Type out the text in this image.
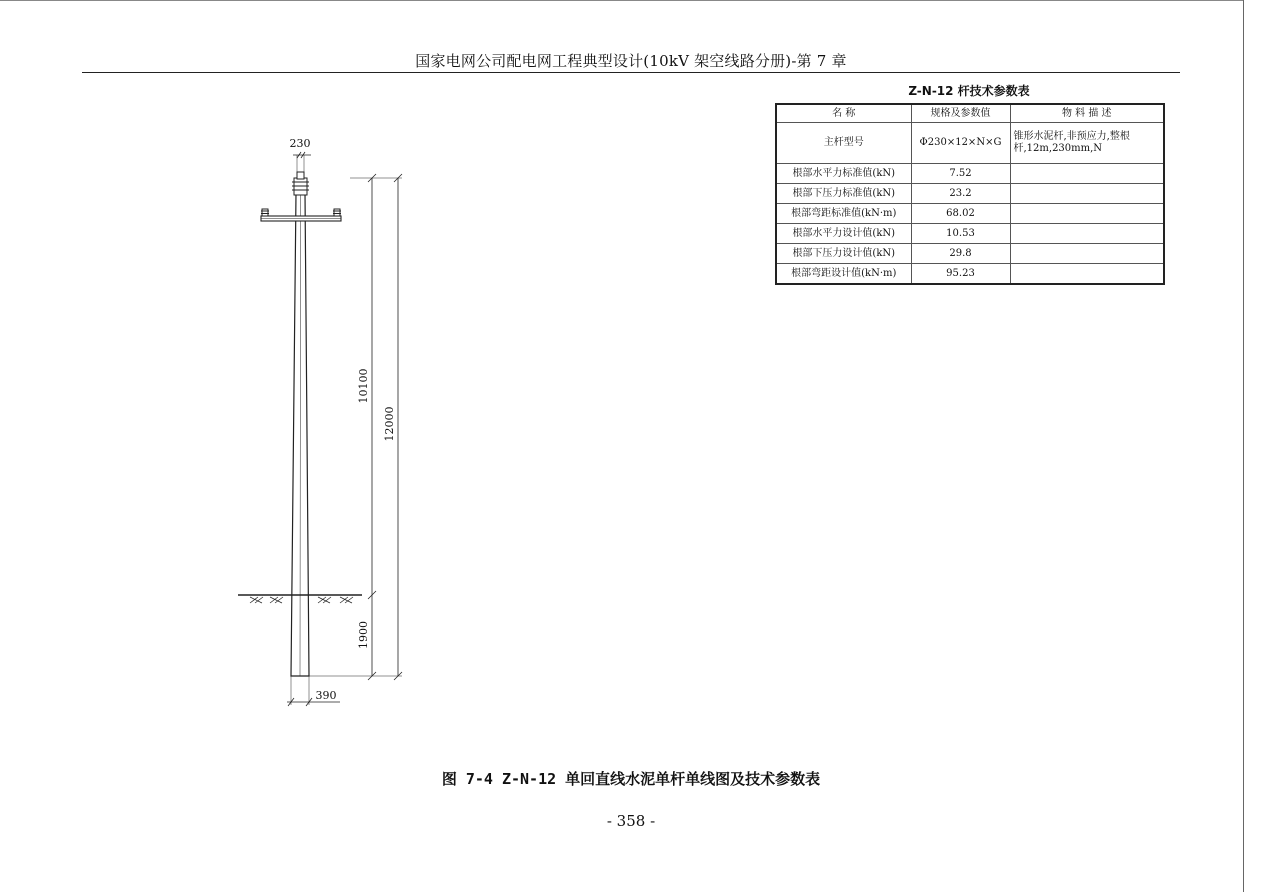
国家电网公司配电网工程典型设计(10kV 架空线路分册)-第 7 章
Z-N-12 杆技术参数表
名 称	规格及参数值	物 料 描 述
主杆型号	Φ230×12×N×G	锥形水泥杆,非预应力,整根杆,12m,230mm,N
根部水平力标准值(kN)	7.52	
根部下压力标准值(kN)	23.2	
根部弯距标准值(kN·m)	68.02	
根部水平力设计值(kN)	10.53	
根部下压力设计值(kN)	29.8	
根部弯距设计值(kN·m)	95.23	
230
390
10100
12000
1900
图 7-4 Z-N-12 单回直线水泥单杆单线图及技术参数表
- 358 -
